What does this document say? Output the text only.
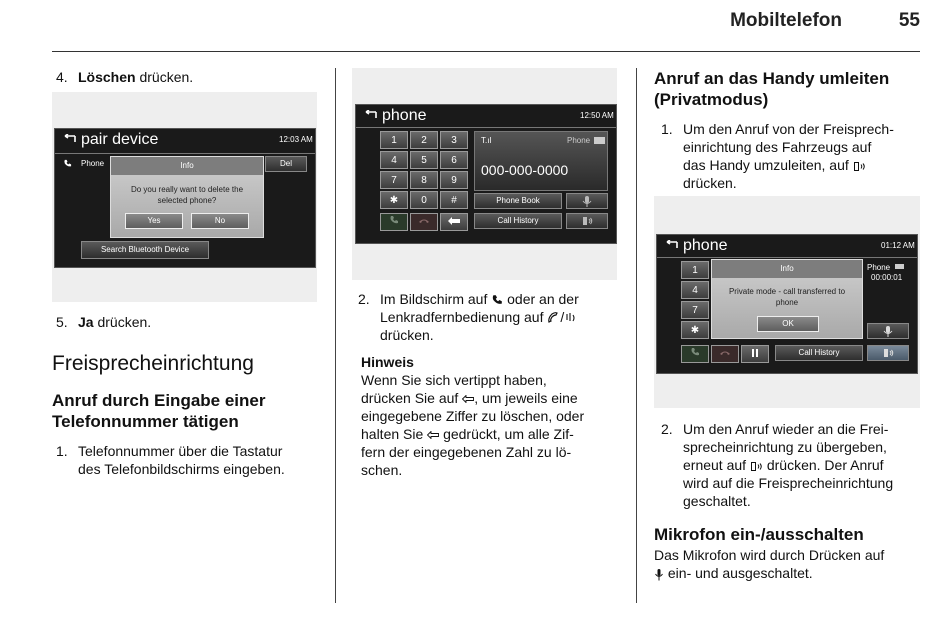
Mobiltelefon	55
4. Löschen drücken.
pair device	12:03 AM
Phone	Del
Info
Do you really want to delete the
selected phone?
Yes	No
Search Bluetooth Device
5. Ja drücken.
Freisprecheinrichtung
Anruf durch Eingabe einer
Telefonnummer tätigen
1. Telefonnummer über die Tastatur
des Telefonbildschirms eingeben.
phone	12:50 AM
1	2	3
4	5	6
7	8	9
✱	0	#
T.ıl	Phone
000-000-0000
Phone Book
Call History
2. Im Bildschirm auf oder an der
Lenkradfernbedienung auf /
drücken.
Hinweis
Wenn Sie sich vertippt haben,
drücken Sie auf , um jeweils eine
eingegebene Ziffer zu löschen, oder
halten Sie gedrückt, um alle Zif-
fern der eingegebenen Zahl zu lö-
schen.
Anruf an das Handy umleiten
(Privatmodus)
1. Um den Anruf von der Freisprech-
einrichtung des Fahrzeugs auf
das Handy umzuleiten, auf
drücken.
phone	01:12 AM
1
4
7
✱
Phone
00:00:01
Info
Private mode - call transferred to
phone
OK
Call History
2. Um den Anruf wieder an die Frei-
sprecheinrichtung zu übergeben,
erneut auf drücken. Der Anruf
wird auf die Freisprecheinrichtung
geschaltet.
Mikrofon ein-/ausschalten
Das Mikrofon wird durch Drücken auf
ein- und ausgeschaltet.
